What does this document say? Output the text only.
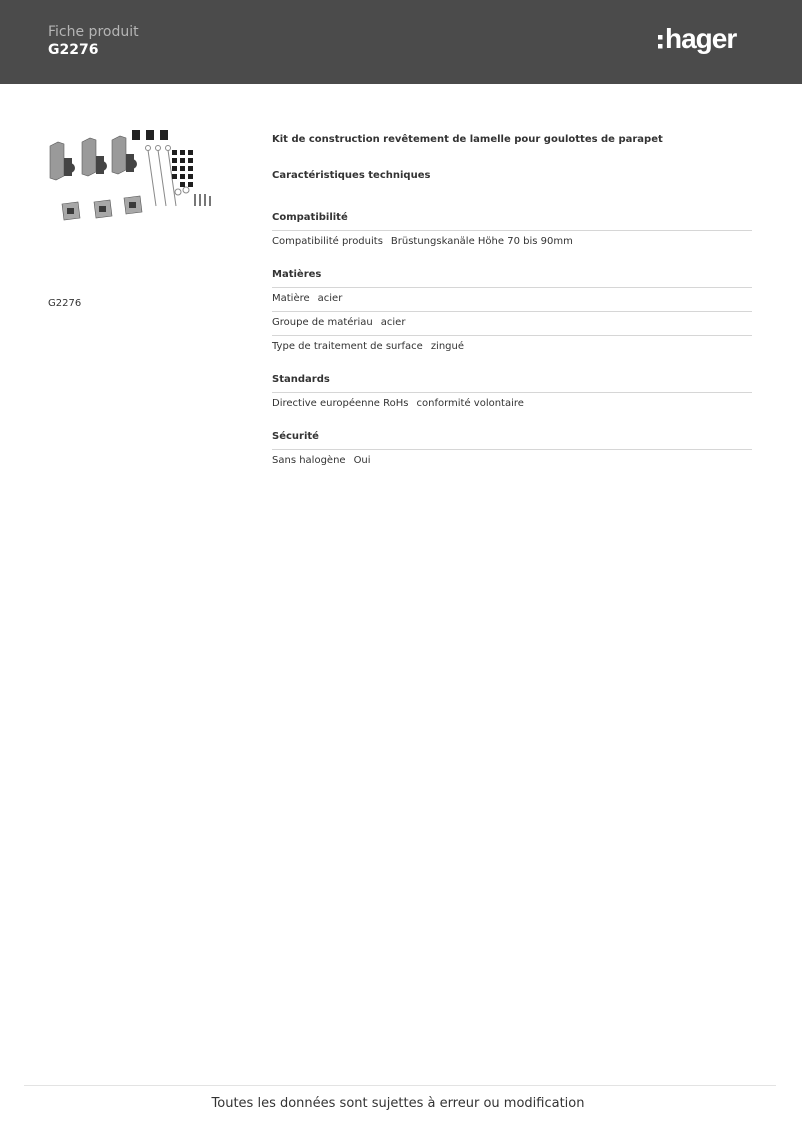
Fiche produit
G2276	hager
G2276
Kit de construction revêtement de lamelle pour goulottes de parapet
Caractéristiques techniques
Compatibilité
Compatibilité produits Brüstungskanäle Höhe 70 bis 90mm
Matières
Matière acier
Groupe de matériau acier
Type de traitement de surface zingué
Standards
Directive européenne RoHs conformité volontaire
Sécurité
Sans halogène Oui
Toutes les données sont sujettes à erreur ou modification
